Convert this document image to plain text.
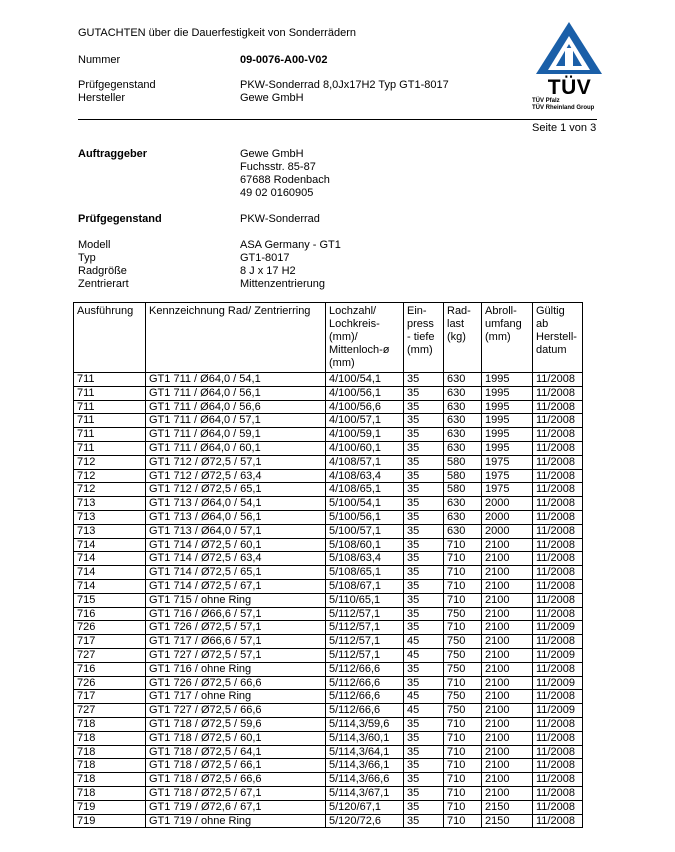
GUTACHTEN über die Dauerfestigkeit von Sonderrädern
Nummer	09-0076-A00-V02
Prüfgegenstand	PKW-Sonderrad 8,0Jx17H2 Typ GT1-8017
Hersteller	Gewe GmbH	TÜV
TÜV Pfalz
TÜV Rheinland Group
Seite 1 von 3
Auftraggeber	Gewe GmbH
Fuchsstr. 85-87
67688 Rodenbach
49 02 0160905
Prüfgegenstand	PKW-Sonderrad
Modell	ASA Germany - GT1
Typ	GT1-8017
Radgröße	8 J x 17 H2
Zentrierart	Mittenzentrierung
Ausführung	Kennzeichnung Rad/ Zentrierring	Lochzahl/ Lochkreis- (mm)/ Mittenloch-ø (mm)	Ein- press - tiefe (mm)	Rad- last (kg)	Abroll- umfang (mm)	Gültig ab Herstell- datum
711	GT1 711 / Ø64,0 / 54,1	4/100/54,1	35	630	1995	11/2008
711	GT1 711 / Ø64,0 / 56,1	4/100/56,1	35	630	1995	11/2008
711	GT1 711 / Ø64,0 / 56,6	4/100/56,6	35	630	1995	11/2008
711	GT1 711 / Ø64,0 / 57,1	4/100/57,1	35	630	1995	11/2008
711	GT1 711 / Ø64,0 / 59,1	4/100/59,1	35	630	1995	11/2008
711	GT1 711 / Ø64,0 / 60,1	4/100/60,1	35	630	1995	11/2008
712	GT1 712 / Ø72,5 / 57,1	4/108/57,1	35	580	1975	11/2008
712	GT1 712 / Ø72,5 / 63,4	4/108/63,4	35	580	1975	11/2008
712	GT1 712 / Ø72,5 / 65,1	4/108/65,1	35	580	1975	11/2008
713	GT1 713 / Ø64,0 / 54,1	5/100/54,1	35	630	2000	11/2008
713	GT1 713 / Ø64,0 / 56,1	5/100/56,1	35	630	2000	11/2008
713	GT1 713 / Ø64,0 / 57,1	5/100/57,1	35	630	2000	11/2008
714	GT1 714 / Ø72,5 / 60,1	5/108/60,1	35	710	2100	11/2008
714	GT1 714 / Ø72,5 / 63,4	5/108/63,4	35	710	2100	11/2008
714	GT1 714 / Ø72,5 / 65,1	5/108/65,1	35	710	2100	11/2008
714	GT1 714 / Ø72,5 / 67,1	5/108/67,1	35	710	2100	11/2008
715	GT1 715 / ohne Ring	5/110/65,1	35	710	2100	11/2008
716	GT1 716 / Ø66,6 / 57,1	5/112/57,1	35	750	2100	11/2008
726	GT1 726 / Ø72,5 / 57,1	5/112/57,1	35	710	2100	11/2009
717	GT1 717 / Ø66,6 / 57,1	5/112/57,1	45	750	2100	11/2008
727	GT1 727 / Ø72,5 / 57,1	5/112/57,1	45	750	2100	11/2009
716	GT1 716 / ohne Ring	5/112/66,6	35	750	2100	11/2008
726	GT1 726 / Ø72,5 / 66,6	5/112/66,6	35	710	2100	11/2009
717	GT1 717 / ohne Ring	5/112/66,6	45	750	2100	11/2008
727	GT1 727 / Ø72,5 / 66,6	5/112/66,6	45	750	2100	11/2009
718	GT1 718 / Ø72,5 / 59,6	5/114,3/59,6	35	710	2100	11/2008
718	GT1 718 / Ø72,5 / 60,1	5/114,3/60,1	35	710	2100	11/2008
718	GT1 718 / Ø72,5 / 64,1	5/114,3/64,1	35	710	2100	11/2008
718	GT1 718 / Ø72,5 / 66,1	5/114,3/66,1	35	710	2100	11/2008
718	GT1 718 / Ø72,5 / 66,6	5/114,3/66,6	35	710	2100	11/2008
718	GT1 718 / Ø72,5 / 67,1	5/114,3/67,1	35	710	2100	11/2008
719	GT1 719 / Ø72,6 / 67,1	5/120/67,1	35	710	2150	11/2008
719	GT1 719 / ohne Ring	5/120/72,6	35	710	2150	11/2008
